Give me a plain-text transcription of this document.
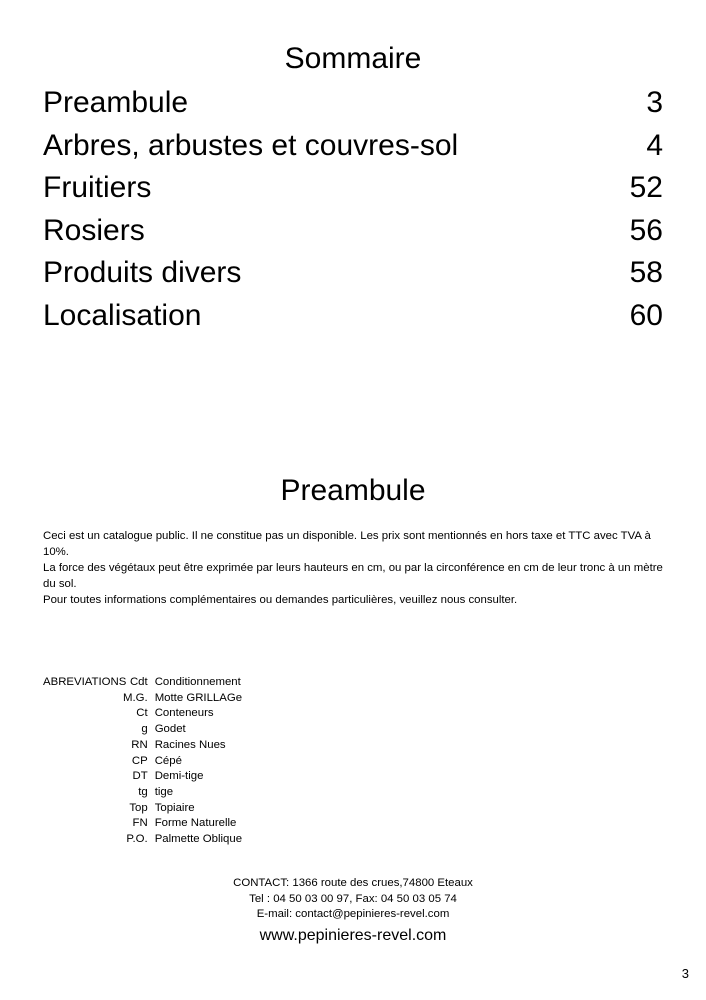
Sommaire
Preambule	3
Arbres, arbustes et couvres-sol	4
Fruitiers	52
Rosiers	56
Produits divers	58
Localisation	60
Preambule

Ceci est un catalogue public. Il ne constitue pas un disponible. Les prix sont mentionnés en hors taxe et TTC avec TVA à 10%.

La force des végétaux peut être exprimée par leurs hauteurs en cm, ou par la circonférence en cm de leur tronc à un mètre du sol.

Pour toutes informations complémentaires ou demandes particulières, veuillez nous consulter.

ABREVIATIONS Cdt	Conditionnement
M.G.	Motte GRILLAGe
Ct	Conteneurs
g	Godet
RN	Racines Nues
CP	Cépé
DT	Demi-tige
tg	tige
Top	Topiaire
FN	Forme Naturelle
P.O.	Palmette Oblique

CONTACT: 1366 route des crues,74800 Eteaux

Tel : 04 50 03 00 97, Fax: 04 50 03 05 74

E-mail: contact@pepinieres-revel.com

www.pepinieres-revel.com
3
